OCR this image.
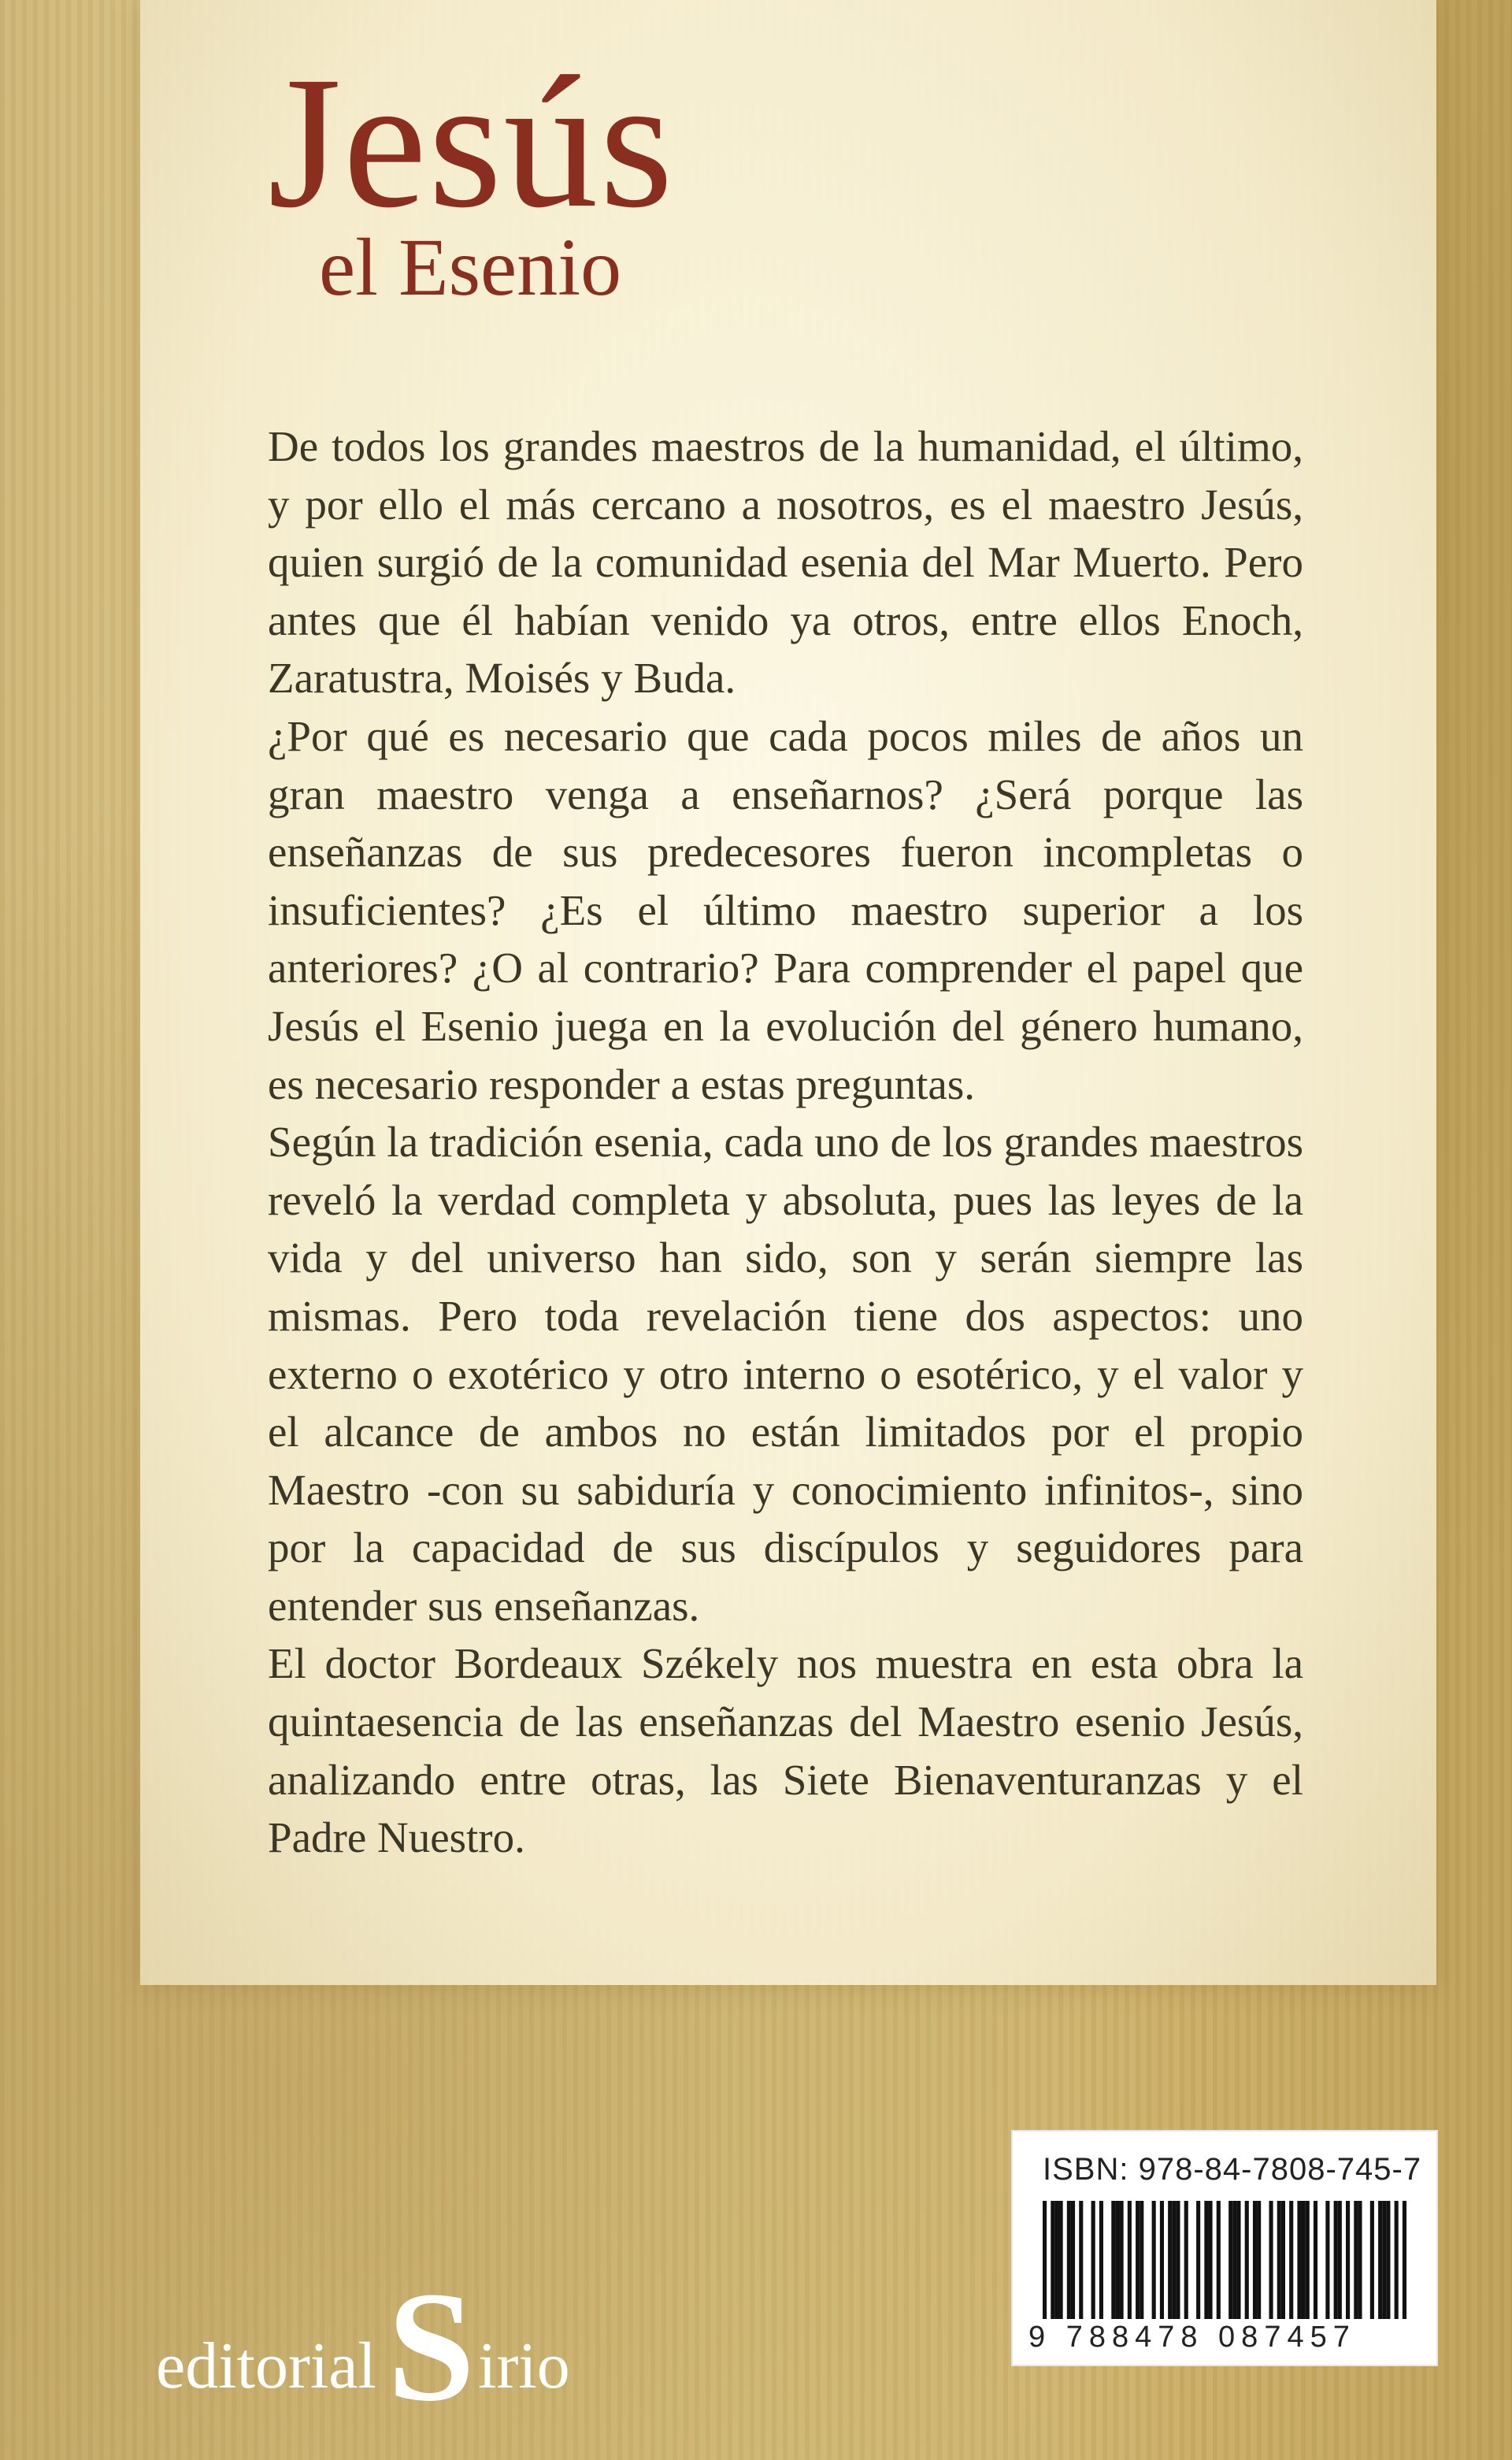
Jesús
el Esenio

De todos los grandes maestros de la humanidad, el último, y por ello el más cercano a nosotros, es el maestro Jesús, quien surgió de la comunidad esenia del Mar Muerto. Pero antes que él habían venido ya otros, entre ellos Enoch, Zaratustra, Moisés y Buda.

¿Por qué es necesario que cada pocos miles de años un gran maestro venga a enseñarnos? ¿Será porque las enseñanzas de sus predecesores fueron incompletas o insuficientes? ¿Es el último maestro superior a los anteriores? ¿O al contrario? Para comprender el papel que Jesús el Esenio juega en la evolución del género humano, es necesario responder a estas preguntas.

Según la tradición esenia, cada uno de los grandes maestros reveló la verdad completa y absoluta, pues las leyes de la vida y del universo han sido, son y serán siempre las mismas. Pero toda revelación tiene dos aspectos: uno externo o exotérico y otro interno o esotérico, y el valor y el alcance de ambos no están limitados por el propio Maestro -con su sabiduría y conocimiento infinitos-, sino por la capacidad de sus discípulos y seguidores para entender sus enseñanzas.

El doctor Bordeaux Székely nos muestra en esta obra la quintaesencia de las enseñanzas del Maestro esenio Jesús, analizando entre otras, las Siete Bienaventuranzas y el Padre Nuestro.

editorial S irio
ISBN: 978-84-7808-745-7
9 788478 087457
